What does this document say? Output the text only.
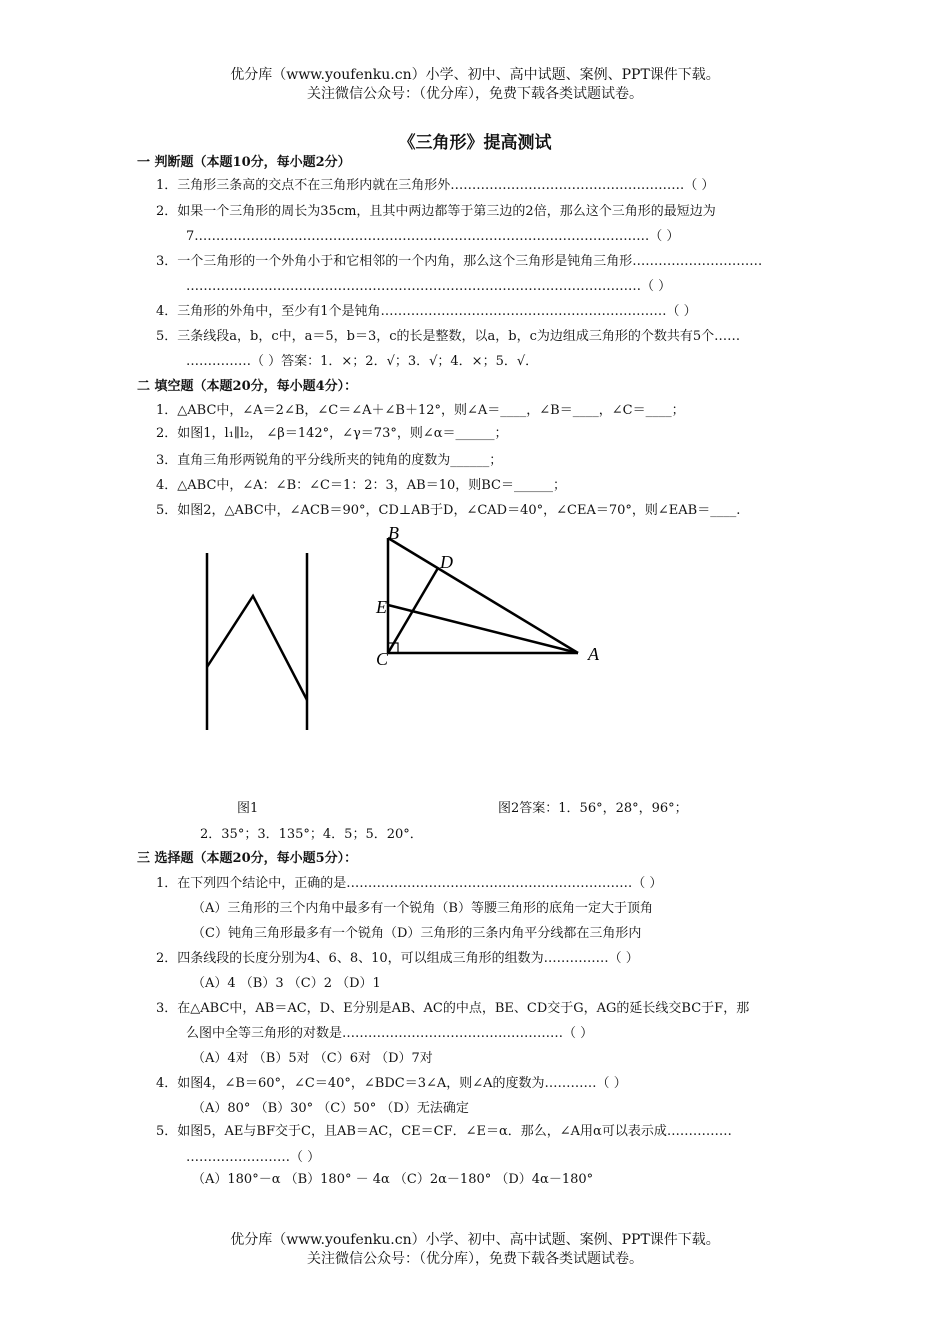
优分库（www.youfenku.cn）小学、初中、高中试题、案例、PPT课件下载。
关注微信公众号：（优分库），免费下载各类试题试卷。
《三角形》提高测试
一 判断题（本题10分，每小题2分）
1．三角形三条高的交点不在三角形内就在三角形外………………………………………………（ ）
2．如果一个三角形的周长为35cm，且其中两边都等于第三边的2倍，那么这个三角形的最短边为
7……………………………………………………………………………………………（ ）
3．一个三角形的一个外角小于和它相邻的一个内角，那么这个三角形是钝角三角形…………………………
……………………………………………………………………………………………（ ）
4．三角形的外角中，至少有1个是钝角…………………………………………………………（ ）
5．三条线段a，b，c中，a＝5，b＝3，c的长是整数，以a，b，c为边组成三角形的个数共有5个……
……………（ ）答案：1．×；2．√；3．√；4．×；5．√．
二 填空题（本题20分，每小题4分）：
1．△ABC中，∠A＝2∠B，∠C＝∠A＋∠B＋12°，则∠A＝____，∠B＝____，∠C＝____；
2．如图1，l₁∥l₂， ∠β＝142°，∠γ＝73°，则∠α＝______；
3．直角三角形两锐角的平分线所夹的钝角的度数为______；
4．△ABC中，∠A：∠B：∠C＝1：2：3，AB＝10，则BC＝______；
5．如图2，△ABC中，∠ACB＝90°，CD⊥AB于D，∠CAD＝40°，∠CEA＝70°，则∠EAB＝____.
B
D
E
C	A
图1	图2答案：1．56°，28°，96°；
2．35°；3．135°；4．5；5．20°．
三 选择题（本题20分，每小题5分）：
1．在下列四个结论中，正确的是…………………………………………………………（ ）
（A）三角形的三个内角中最多有一个锐角（B）等腰三角形的底角一定大于顶角
（C）钝角三角形最多有一个锐角（D）三角形的三条内角平分线都在三角形内
2．四条线段的长度分别为4、6、8、10，可以组成三角形的组数为……………（ ）
（A）4 （B）3 （C）2 （D）1
3．在△ABC中，AB＝AC，D、E分别是AB、AC的中点，BE、CD交于G，AG的延长线交BC于F，那
么图中全等三角形的对数是……………………………………………（ ）
（A）4对 （B）5对 （C）6对 （D）7对
4．如图4，∠B＝60°，∠C＝40°，∠BDC＝3∠A，则∠A的度数为…………（ ）
（A）80° （B）30° （C）50° （D）无法确定
5．如图5，AE与BF交于C，且AB＝AC，CE＝CF．∠E＝α．那么，∠A用α可以表示成……………
……………………（ ）
（A）180°－α （B）180° － 4α （C）2α－180° （D）4α－180°
优分库（www.youfenku.cn）小学、初中、高中试题、案例、PPT课件下载。
关注微信公众号：（优分库），免费下载各类试题试卷。
